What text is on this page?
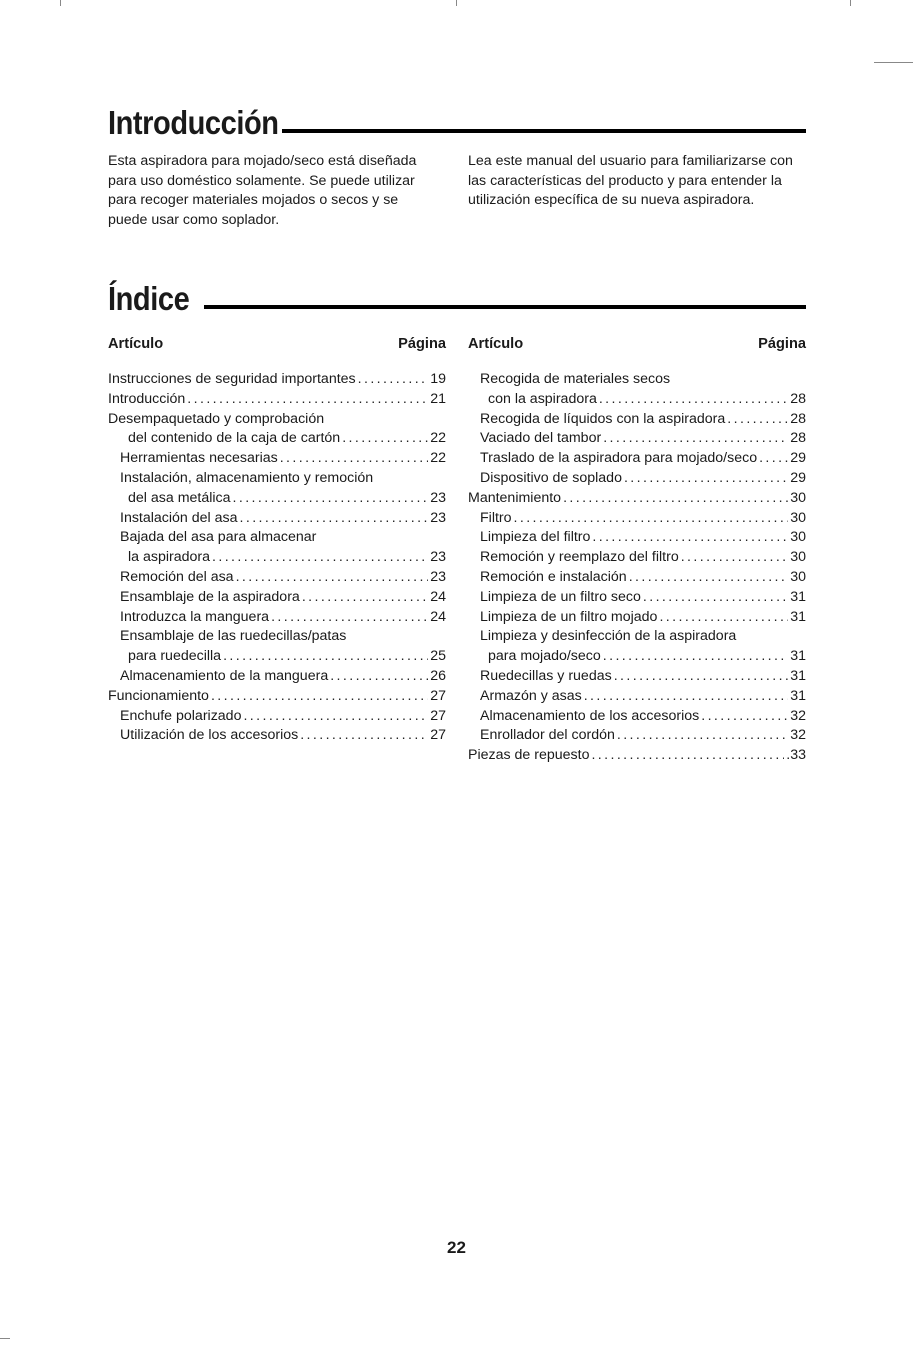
Introducción
Esta aspiradora para mojado/seco está diseñada para uso doméstico solamente. Se puede utilizar para recoger materiales mojados o secos y se puede usar como soplador.
Lea este manual del usuario para familiarizarse con las características del producto y para entender la utilización específica de su nueva aspiradora.
Índice
Artículo	Página
Instrucciones de seguridad importantes .....	19
Introducción .....	21
Desempaquetado y comprobación
del contenido de la caja de cartón .....	22
Herramientas necesarias .....	22
Instalación, almacenamiento y remoción
del asa metálica .....	23
Instalación del asa .....	23
Bajada del asa para almacenar
la aspiradora .....	23
Remoción del asa .....	23
Ensamblaje de la aspiradora .....	24
Introduzca la manguera .....	24
Ensamblaje de las ruedecillas/patas
para ruedecilla .....	25
Almacenamiento de la manguera .....	26
Funcionamiento .....	27
Enchufe polarizado .....	27
Utilización de los accesorios .....	27
Artículo	Página
Recogida de materiales secos
con la aspiradora .....	28
Recogida de líquidos con la aspiradora .....	28
Vaciado del tambor .....	28
Traslado de la aspiradora para mojado/seco ..... 29
Dispositivo de soplado .....	29
Mantenimiento .....	30
Filtro .....	30
Limpieza del filtro .....	30
Remoción y reemplazo del filtro .....	30
Remoción e instalación .....	30
Limpieza de un filtro seco .....	31
Limpieza de un filtro mojado .....	31
Limpieza y desinfección de la aspiradora
para mojado/seco .....	31
Ruedecillas y ruedas .....	31
Armazón y asas .....	31
Almacenamiento de los accesorios .....	32
Enrollador del cordón .....	32
Piezas de repuesto .....	.33
22
